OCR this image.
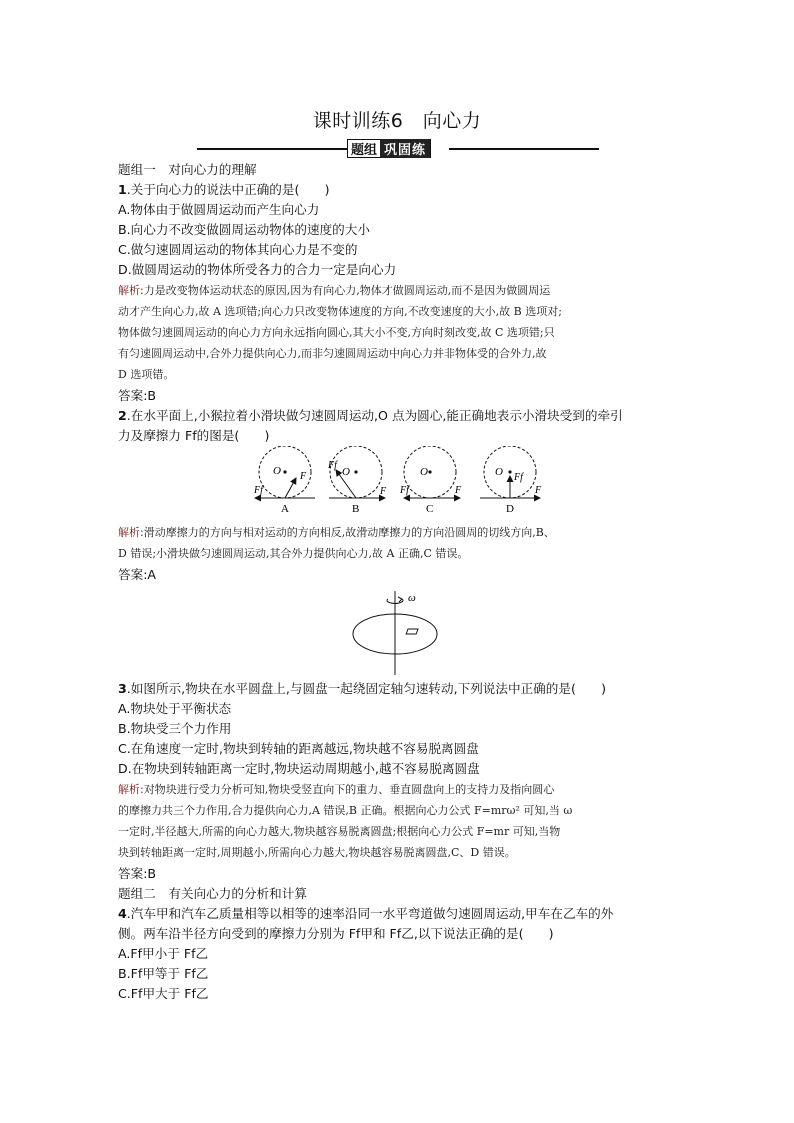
课时训练6　向心力
题组 巩固练
题组一　对向心力的理解
1.关于向心力的说法中正确的是(　　)
A.物体由于做圆周运动而产生向心力
B.向心力不改变做圆周运动物体的速度的大小
C.做匀速圆周运动的物体其向心力是不变的
D.做圆周运动的物体所受各力的合力一定是向心力
解析:力是改变物体运动状态的原因,因为有向心力,物体才做圆周运动,而不是因为做圆周运
动才产生向心力,故 A 选项错;向心力只改变物体速度的方向,不改变速度的大小,故 B 选项对;
物体做匀速圆周运动的向心力方向永远指向圆心,其大小不变,方向时刻改变,故 C 选项错;只
有匀速圆周运动中,合外力提供向心力,而非匀速圆周运动中向心力并非物体受的合外力,故
D 选项错。
答案:B
2.在水平面上,小猴拉着小滑块做匀速圆周运动,O 点为圆心,能正确地表示小滑块受到的牵引
力及摩擦力 Ff的图是(　　)
O F
Ff
A
O
Ff
F
B
O
Ff	F
C
O Ff
F
D
解析:滑动摩擦力的方向与相对运动的方向相反,故滑动摩擦力的方向沿圆周的切线方向,B、
D 错误;小滑块做匀速圆周运动,其合外力提供向心力,故 A 正确,C 错误。
答案:A
ω
3.如图所示,物块在水平圆盘上,与圆盘一起绕固定轴匀速转动,下列说法中正确的是(　　)
A.物块处于平衡状态
B.物块受三个力作用
C.在角速度一定时,物块到转轴的距离越远,物块越不容易脱离圆盘
D.在物块到转轴距离一定时,物块运动周期越小,越不容易脱离圆盘
解析:对物块进行受力分析可知,物块受竖直向下的重力、垂直圆盘向上的支持力及指向圆心
的摩擦力共三个力作用,合力提供向心力,A 错误,B 正确。根据向心力公式 F=mrω² 可知,当 ω
一定时,半径越大,所需的向心力越大,物块越容易脱离圆盘;根据向心力公式 F=mr 可知,当物
块到转轴距离一定时,周期越小,所需向心力越大,物块越容易脱离圆盘,C、D 错误。
答案:B
题组二　有关向心力的分析和计算
4.汽车甲和汽车乙质量相等以相等的速率沿同一水平弯道做匀速圆周运动,甲车在乙车的外
侧。两车沿半径方向受到的摩擦力分别为 Ff甲和 Ff乙,以下说法正确的是(　　)
A.Ff甲小于 Ff乙
B.Ff甲等于 Ff乙
C.Ff甲大于 Ff乙
